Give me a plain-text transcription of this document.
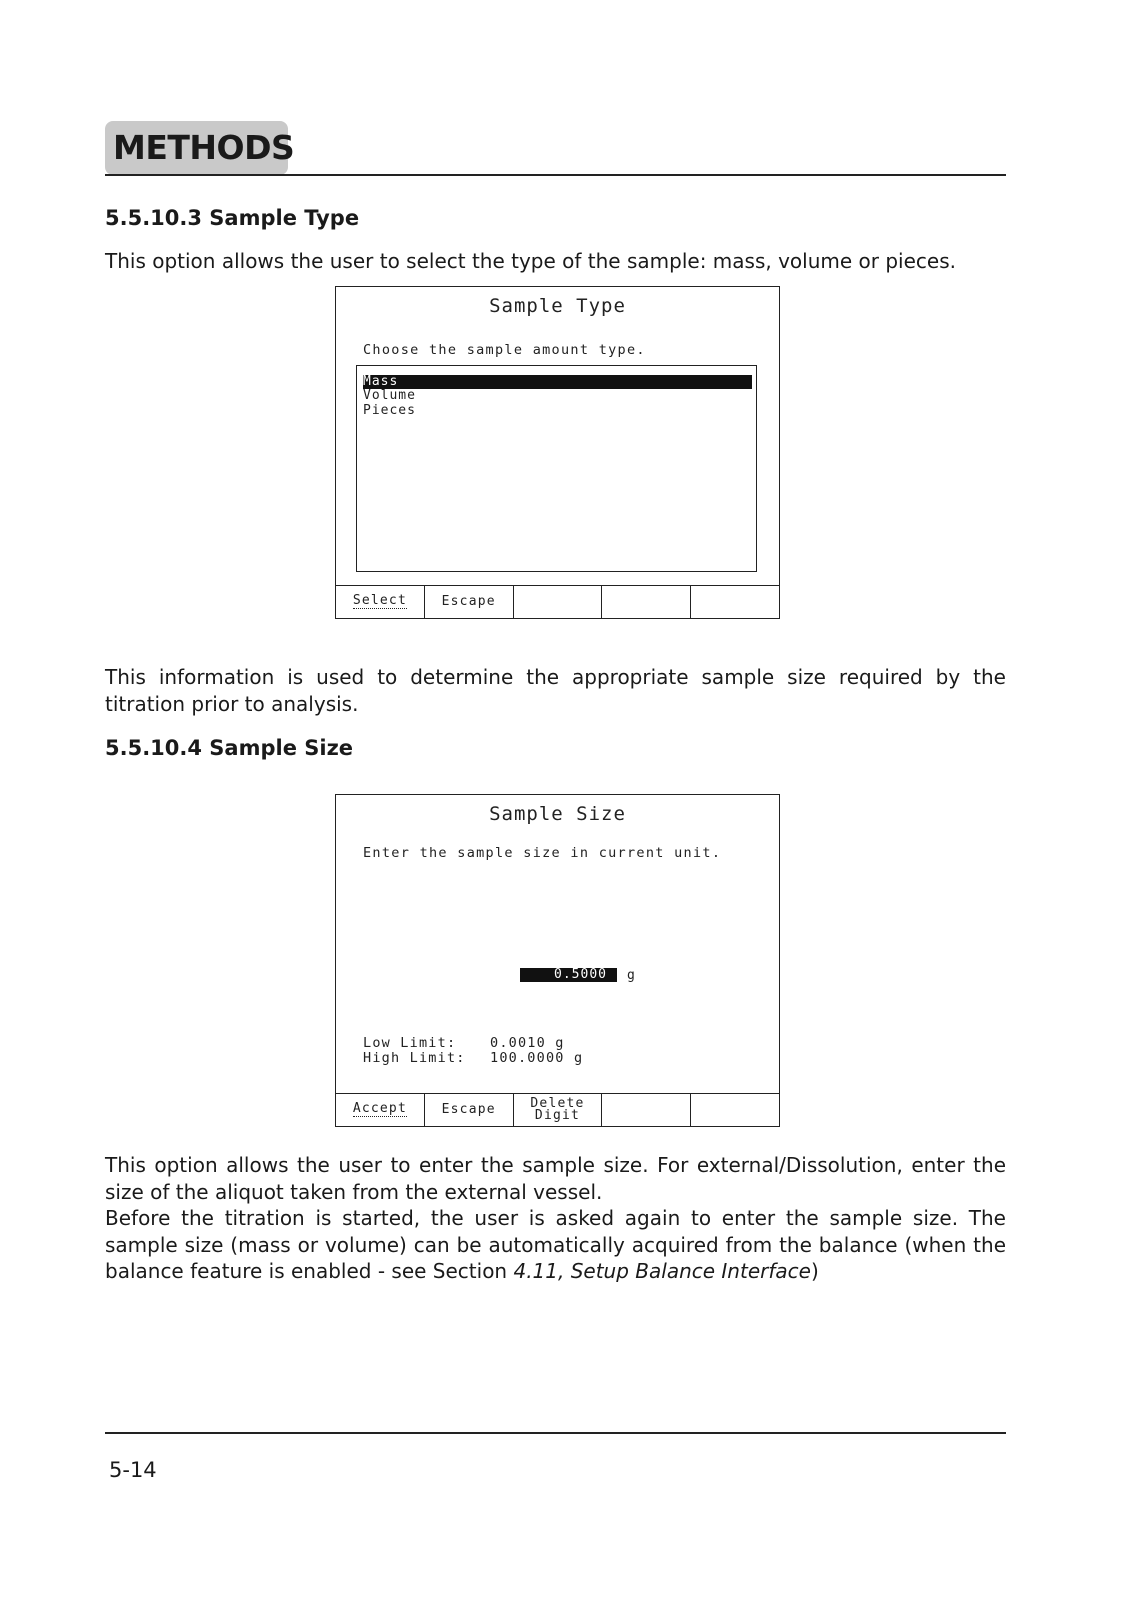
METHODS
5.5.10.3 Sample Type

This option allows the user to select the type of the sample: mass, volume or pieces.

Sample Type
Choose the sample amount type.
Mass
Volume
Pieces
Select	Escape

This information is used to determine the appropriate sample size required by the titration prior to analysis.

5.5.10.4 Sample Size
Sample Size
Enter the sample size in current unit.
0.5000	g
Low Limit: 0.0010 g
High Limit: 100.0000 g
Accept	Escape	Delete
Digit

This option allows the user to enter the sample size. For external/Dissolution, enter the size of the aliquot taken from the external vessel.

Before the titration is started, the user is asked again to enter the sample size. The sample size (mass or volume) can be automatically acquired from the balance (when the balance feature is enabled - see Section 4.11, Setup Balance Interface)

5-14
